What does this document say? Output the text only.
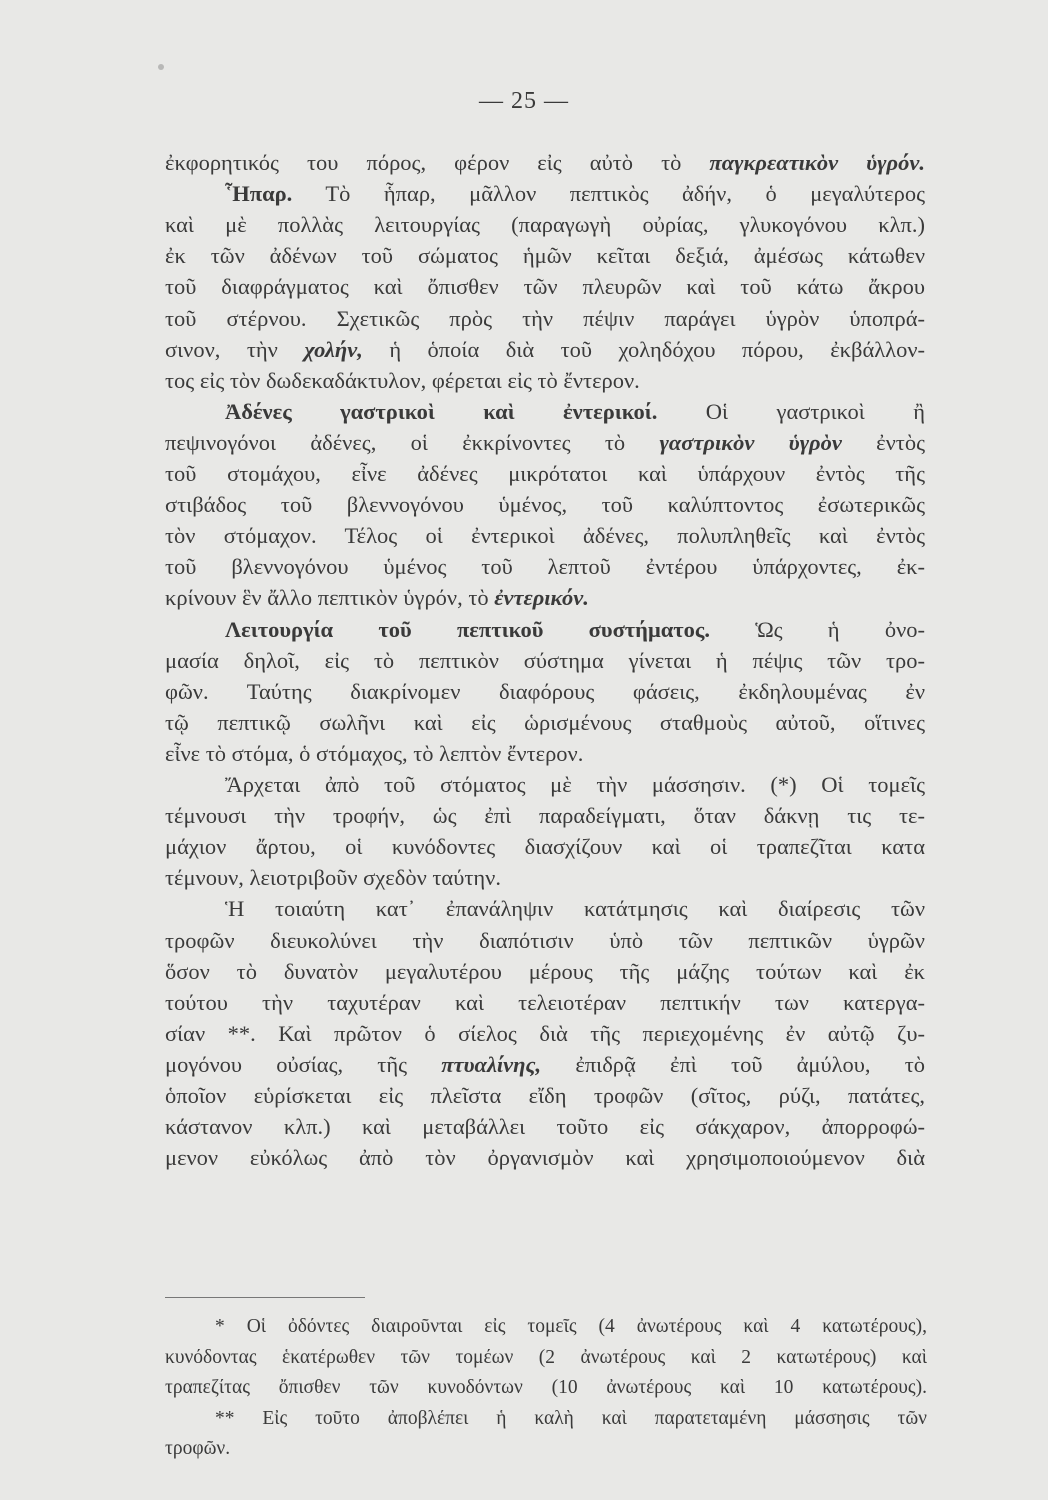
— 25 —
ἐκφορητικός του πόρος, φέρον εἰς αὐτὸ τὸ παγκρεατικὸν ὑγρόν.
Ἧπαρ. Τὸ ἧπαρ, μᾶλλον πεπτικὸς ἀδήν, ὁ μεγαλύτερος
καὶ μὲ πολλὰς λειτουργίας (παραγωγὴ οὐρίας, γλυκογόνου κλπ.)
ἐκ τῶν ἀδένων τοῦ σώματος ἡμῶν κεῖται δεξιά, ἀμέσως κάτωθεν
τοῦ διαφράγματος καὶ ὄπισθεν τῶν πλευρῶν καὶ τοῦ κάτω ἄκρου
τοῦ στέρνου. Σχετικῶς πρὸς τὴν πέψιν παράγει ὑγρὸν ὑποπρά-
σινον, τὴν χολήν, ἡ ὁποία διὰ τοῦ χοληδόχου πόρου, ἐκβάλλον-
τος εἰς τὸν δωδεκαδάκτυλον, φέρεται εἰς τὸ ἔντερον.
Ἀδένες γαστρικοὶ καὶ ἐντερικοί. Οἱ γαστρικοὶ ἢ
πεψινογόνοι ἀδένες, οἱ ἐκκρίνοντες τὸ γαστρικὸν ὑγρὸν ἐντὸς
τοῦ στομάχου, εἶνε ἀδένες μικρότατοι καὶ ὑπάρχουν ἐντὸς τῆς
στιβάδος τοῦ βλεννογόνου ὑμένος, τοῦ καλύπτοντος ἐσωτερικῶς
τὸν στόμαχον. Τέλος οἱ ἐντερικοὶ ἀδένες, πολυπληθεῖς καὶ ἐντὸς
τοῦ βλεννογόνου ὑμένος τοῦ λεπτοῦ ἐντέρου ὑπάρχοντες, ἐκ-
κρίνουν ἓν ἄλλο πεπτικὸν ὑγρόν, τὸ ἐντερικόν.
Λειτουργία τοῦ πεπτικοῦ συστήματος. Ὡς ἡ ὀνο-
μασία δηλοῖ, εἰς τὸ πεπτικὸν σύστημα γίνεται ἡ πέψις τῶν τρο-
φῶν. Ταύτης διακρίνομεν διαφόρους φάσεις, ἐκδηλουμένας ἐν
τῷ πεπτικῷ σωλῆνι καὶ εἰς ὡρισμένους σταθμοὺς αὐτοῦ, οἵτινες
εἶνε τὸ στόμα, ὁ στόμαχος, τὸ λεπτὸν ἔντερον.
Ἄρχεται ἀπὸ τοῦ στόματος μὲ τὴν μάσσησιν. (*) Οἱ τομεῖς
τέμνουσι τὴν τροφήν, ὡς ἐπὶ παραδείγματι, ὅταν δάκνῃ τις τε-
μάχιον ἄρτου, οἱ κυνόδοντες διασχίζουν καὶ οἱ τραπεζῖται κατα
τέμνουν, λειοτριβοῦν σχεδὸν ταύτην.
Ἡ τοιαύτη κατ᾽ ἐπανάληψιν κατάτμησις καὶ διαίρεσις τῶν
τροφῶν διευκολύνει τὴν διαπότισιν ὑπὸ τῶν πεπτικῶν ὑγρῶν
ὅσον τὸ δυνατὸν μεγαλυτέρου μέρους τῆς μάζης τούτων καὶ ἐκ
τούτου τὴν ταχυτέραν καὶ τελειοτέραν πεπτικήν των κατεργα-
σίαν **. Καὶ πρῶτον ὁ σίελος διὰ τῆς περιεχομένης ἐν αὐτῷ ζυ-
μογόνου οὐσίας, τῆς πτυαλίνης, ἐπιδρᾷ ἐπὶ τοῦ ἀμύλου, τὸ
ὁποῖον εὑρίσκεται εἰς πλεῖστα εἴδη τροφῶν (σῖτος, ρύζι, πατάτες,
κάστανον κλπ.) καὶ μεταβάλλει τοῦτο εἰς σάκχαρον, ἀπορροφώ-
μενον εὐκόλως ἀπὸ τὸν ὀργανισμὸν καὶ χρησιμοποιούμενον διὰ
* Οἱ ὀδόντες διαιροῦνται εἰς τομεῖς (4 ἀνωτέρους καὶ 4 κατωτέρους),
κυνόδοντας ἑκατέρωθεν τῶν τομέων (2 ἀνωτέρους καὶ 2 κατωτέρους) καὶ
τραπεζίτας ὄπισθεν τῶν κυνοδόντων (10 ἀνωτέρους καὶ 10 κατωτέρους).
** Εἰς τοῦτο ἀποβλέπει ἡ καλὴ καὶ παρατεταμένη μάσσησις τῶν
τροφῶν.
